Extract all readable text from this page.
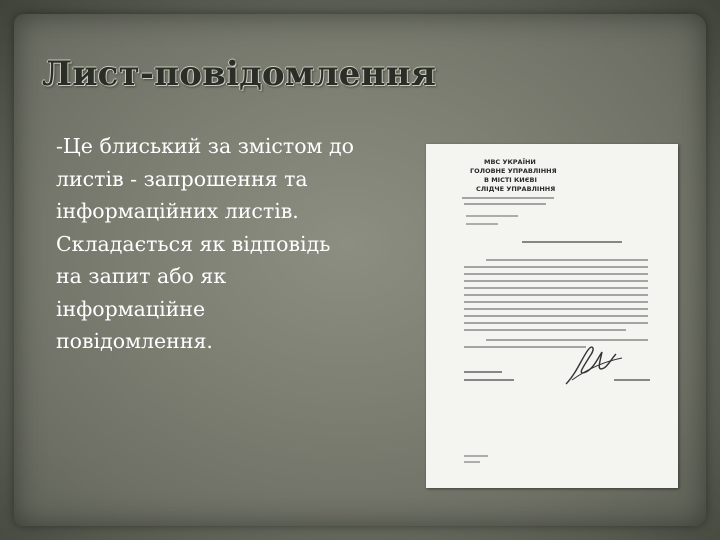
Лист-повідомлення

-Це блиський за змістом до листів - запрошення та інформаційних листів. Складається як відповідь на запит або як інформаційне повідомлення.

МВС УКРАЇНИ
ГОЛОВНЕ УПРАВЛІННЯ
В МІСТІ КИЄВІ
СЛІДЧЕ УПРАВЛІННЯ
